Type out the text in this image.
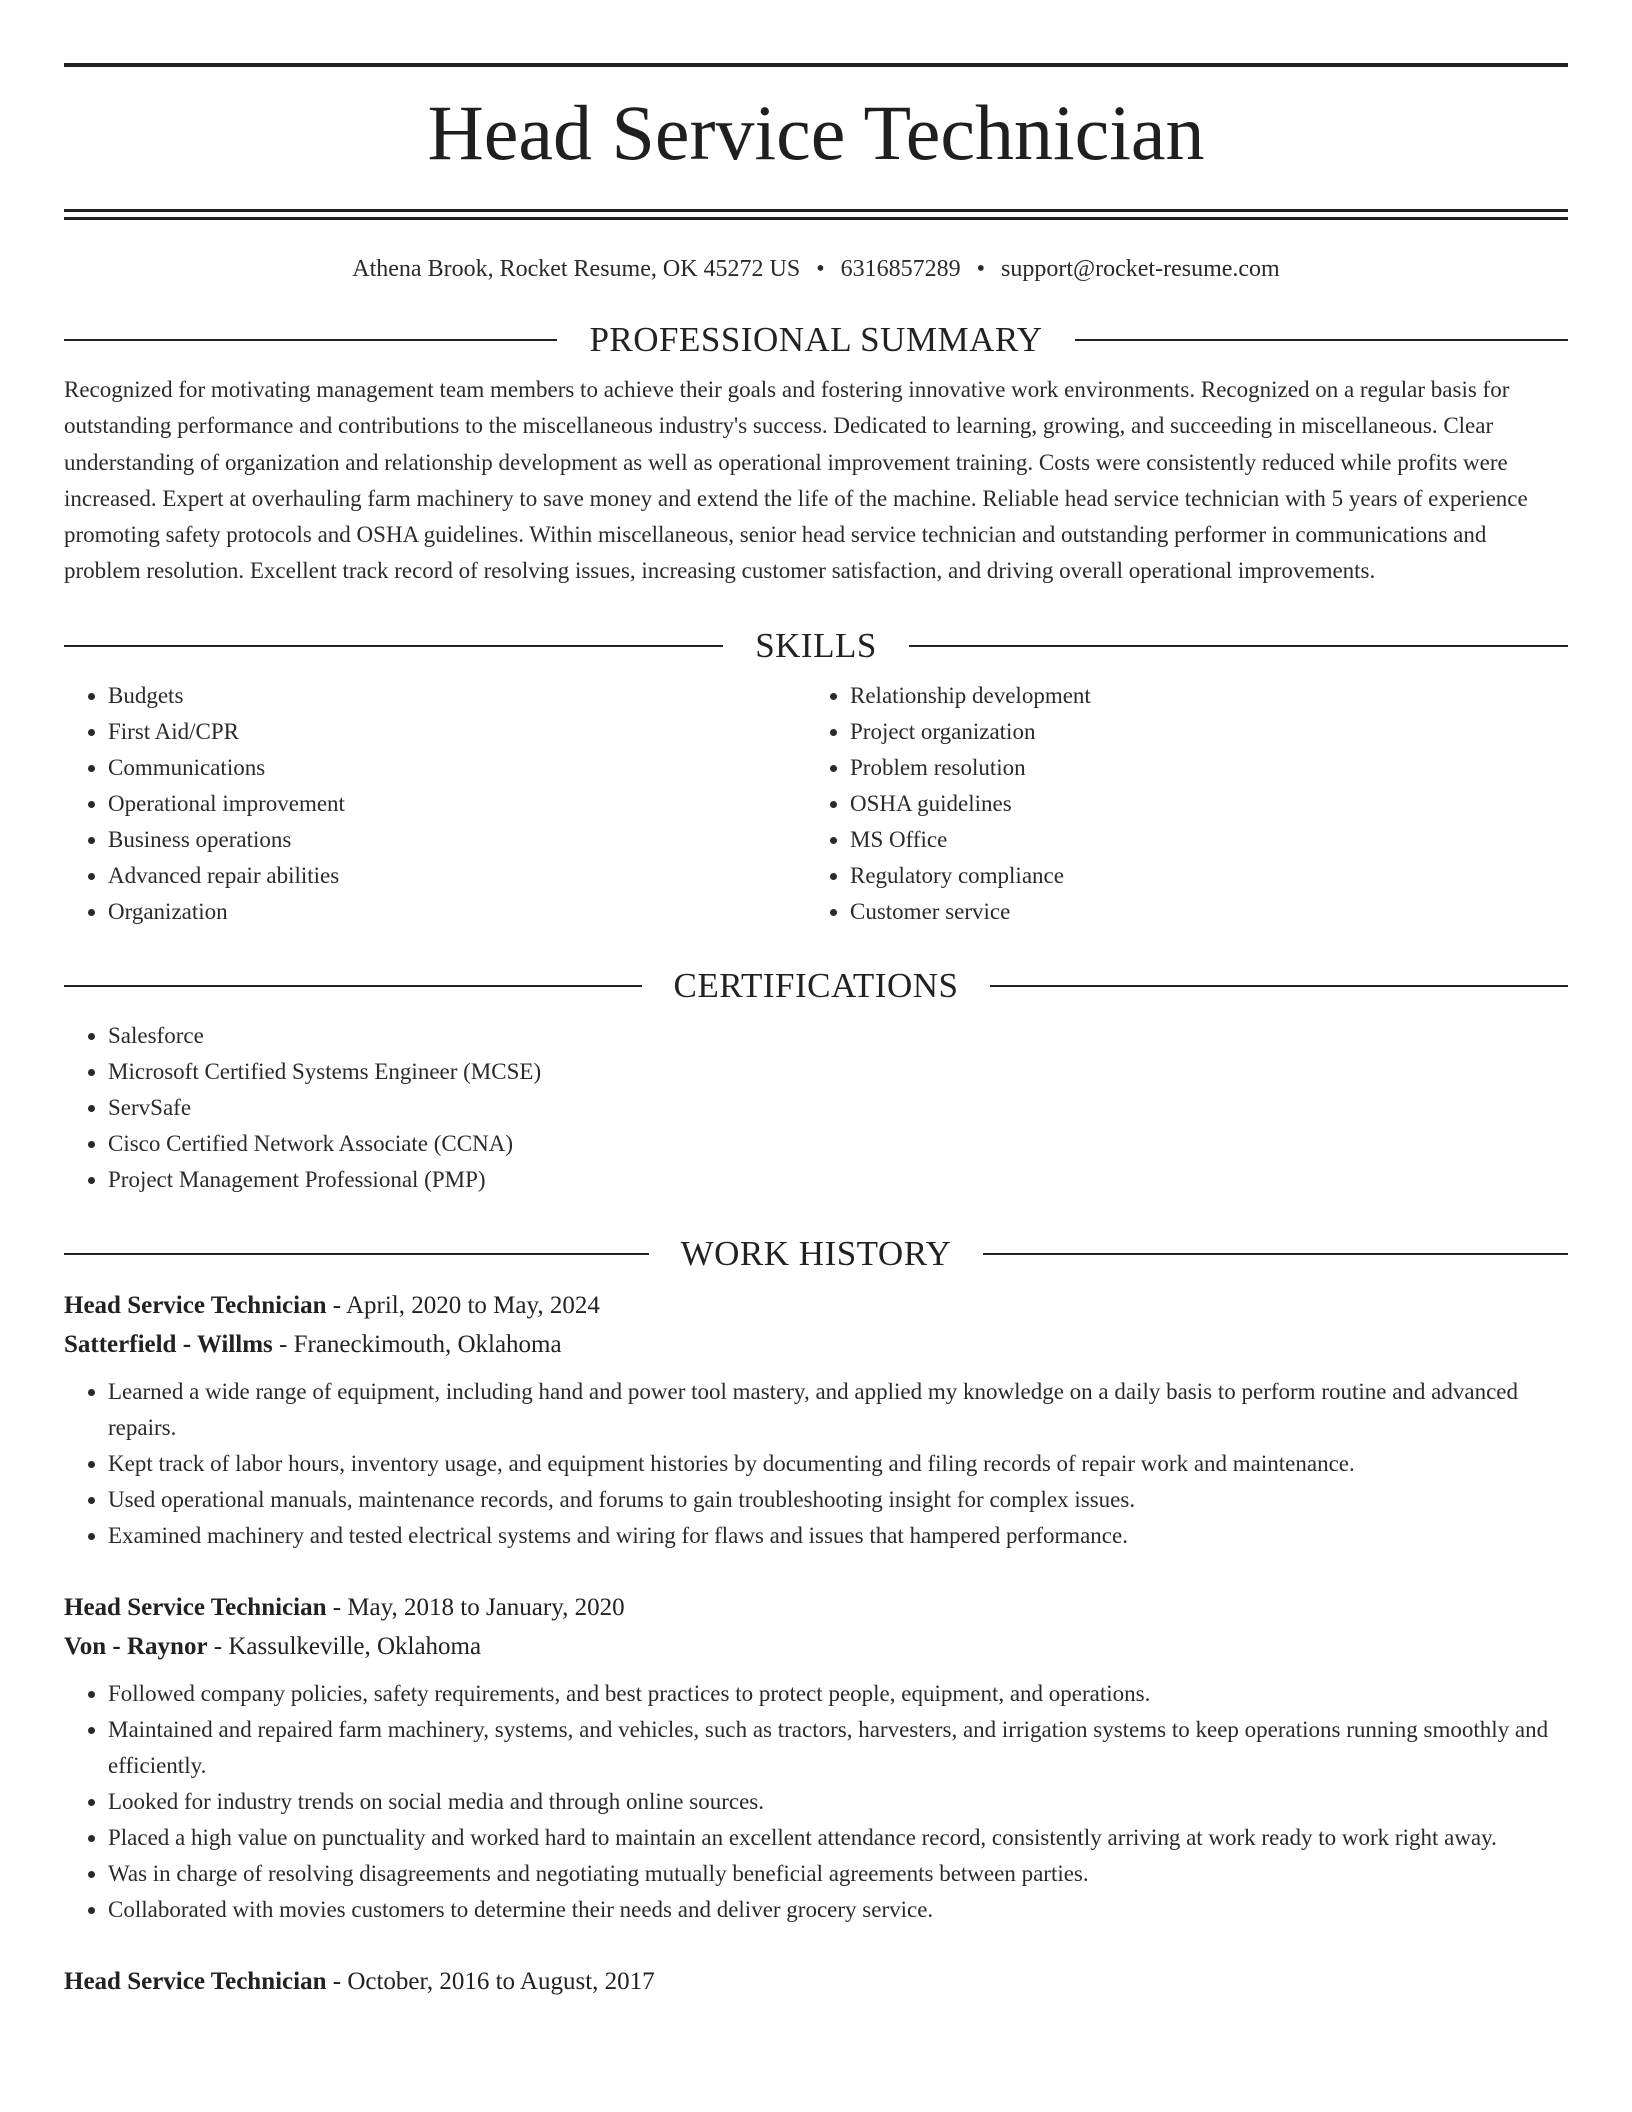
Head Service Technician
Athena Brook, Rocket Resume, OK 45272 US • 6316857289 • support@rocket-resume.com
PROFESSIONAL SUMMARY

Recognized for motivating management team members to achieve their goals and fostering innovative work environments. Recognized on a regular basis for outstanding performance and contributions to the miscellaneous industry's success. Dedicated to learning, growing, and succeeding in miscellaneous. Clear understanding of organization and relationship development as well as operational improvement training. Costs were consistently reduced while profits were increased. Expert at overhauling farm machinery to save money and extend the life of the machine. Reliable head service technician with 5 years of experience promoting safety protocols and OSHA guidelines. Within miscellaneous, senior head service technician and outstanding performer in communications and problem resolution. Excellent track record of resolving issues, increasing customer satisfaction, and driving overall operational improvements.

SKILLS
• Budgets
• First Aid/CPR
• Communications
• Operational improvement
• Business operations
• Advanced repair abilities
• Organization
• Relationship development
• Project organization
• Problem resolution
• OSHA guidelines
• MS Office
• Regulatory compliance
• Customer service
CERTIFICATIONS
• Salesforce
• Microsoft Certified Systems Engineer (MCSE)
• ServSafe
• Cisco Certified Network Associate (CCNA)
• Project Management Professional (PMP)
WORK HISTORY
Head Service Technician - April, 2020 to May, 2024
Satterfield - Willms - Franeckimouth, Oklahoma
• Learned a wide range of equipment, including hand and power tool mastery, and applied my knowledge on a daily basis to perform routine and advanced repairs.
• Kept track of labor hours, inventory usage, and equipment histories by documenting and filing records of repair work and maintenance.
• Used operational manuals, maintenance records, and forums to gain troubleshooting insight for complex issues.
• Examined machinery and tested electrical systems and wiring for flaws and issues that hampered performance.
Head Service Technician - May, 2018 to January, 2020
Von - Raynor - Kassulkeville, Oklahoma
• Followed company policies, safety requirements, and best practices to protect people, equipment, and operations.
• Maintained and repaired farm machinery, systems, and vehicles, such as tractors, harvesters, and irrigation systems to keep operations running smoothly and efficiently.
• Looked for industry trends on social media and through online sources.
• Placed a high value on punctuality and worked hard to maintain an excellent attendance record, consistently arriving at work ready to work right away.
• Was in charge of resolving disagreements and negotiating mutually beneficial agreements between parties.
• Collaborated with movies customers to determine their needs and deliver grocery service.
Head Service Technician - October, 2016 to August, 2017
